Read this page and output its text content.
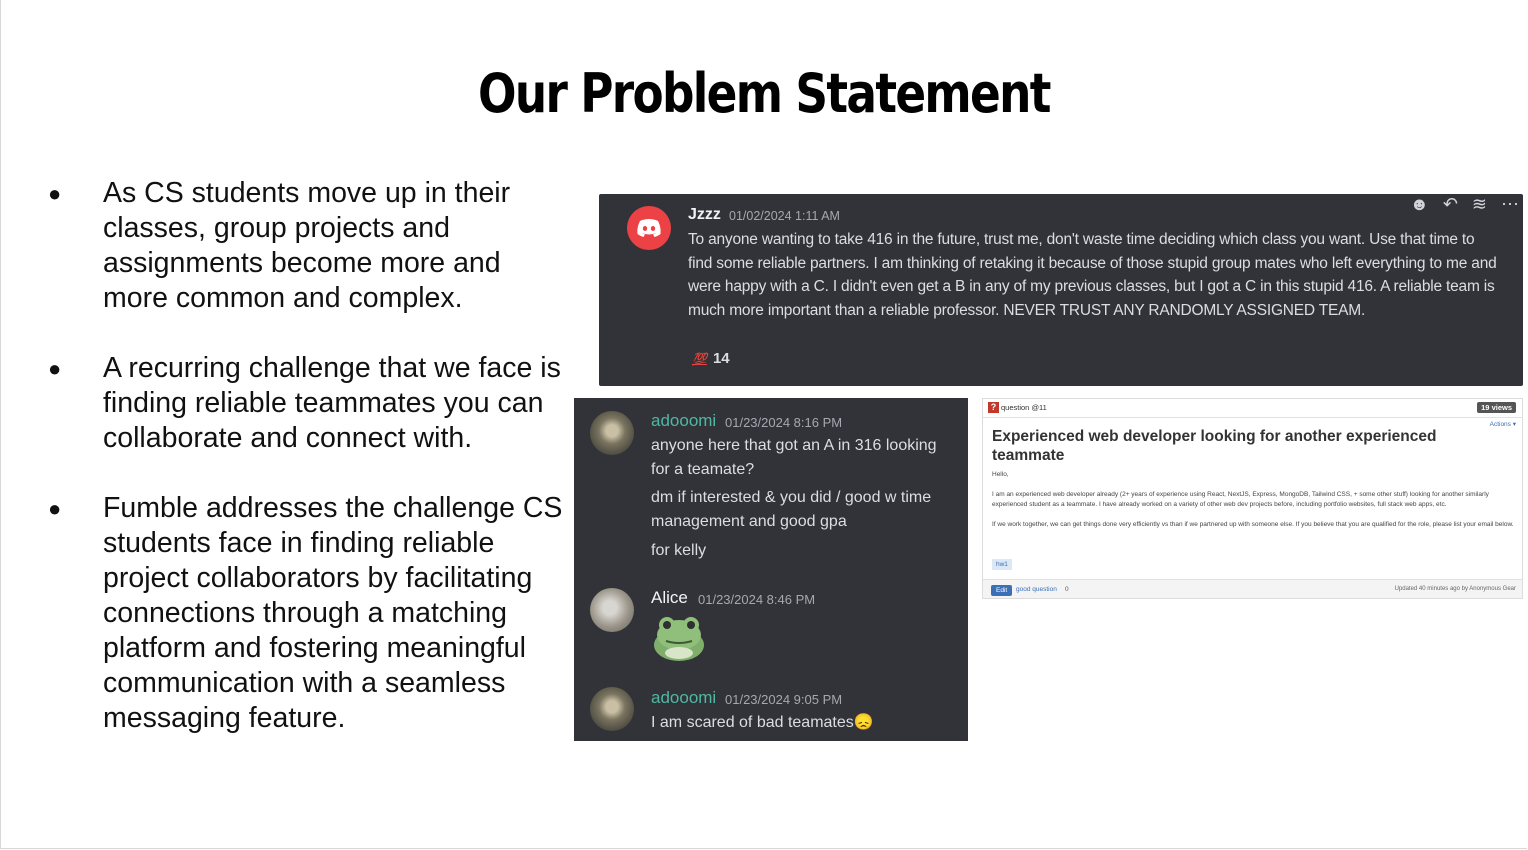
Our Problem Statement
● As CS students move up in their classes, group projects and assignments become more and more common and complex.
● A recurring challenge that we face is finding reliable teammates you can collaborate and connect with.
● Fumble addresses the challenge CS students face in finding reliable project collaborators by facilitating connections through a matching platform and fostering meaningful communication with a seamless messaging feature.
☻ ↶ ≋ ⋯
Jzzz 01/02/2024 1:11 AM
To anyone wanting to take 416 in the future, trust me, don't waste time deciding which class you want. Use that time to find some reliable partners. I am thinking of retaking it because of those stupid group mates who left everything to me and were happy with a C. I didn't even get a B in any of my previous classes, but I got a C in this stupid 416. A reliable team is much more important than a reliable professor. NEVER TRUST ANY RANDOMLY ASSIGNED TEAM.
💯 14
adooomi 01/23/2024 8:16 PM
anyone here that got an A in 316 looking for a teamate?
dm if interested & you did / good w time management and good gpa
for kelly
Alice 01/23/2024 8:46 PM
adooomi 01/23/2024 9:05 PM
I am scared of bad teamates😞
? question @11	19 views
Actions ▾
Experienced web developer looking for another experienced teammate
Hello,
I am an experienced web developer already (2+ years of experience using React, NextJS, Express, MongoDB, Tailwind CSS, + some other stuff) looking for another similarly experienced student as a teammate. I have already worked on a variety of other web dev projects before, including portfolio websites, full stack web apps, etc.
If we work together, we can get things done very efficiently vs than if we partnered up with someone else. If you believe that you are qualified for the role, please list your email below.
hw1
Edit	good question 0	Updated 40 minutes ago by Anonymous Gear
